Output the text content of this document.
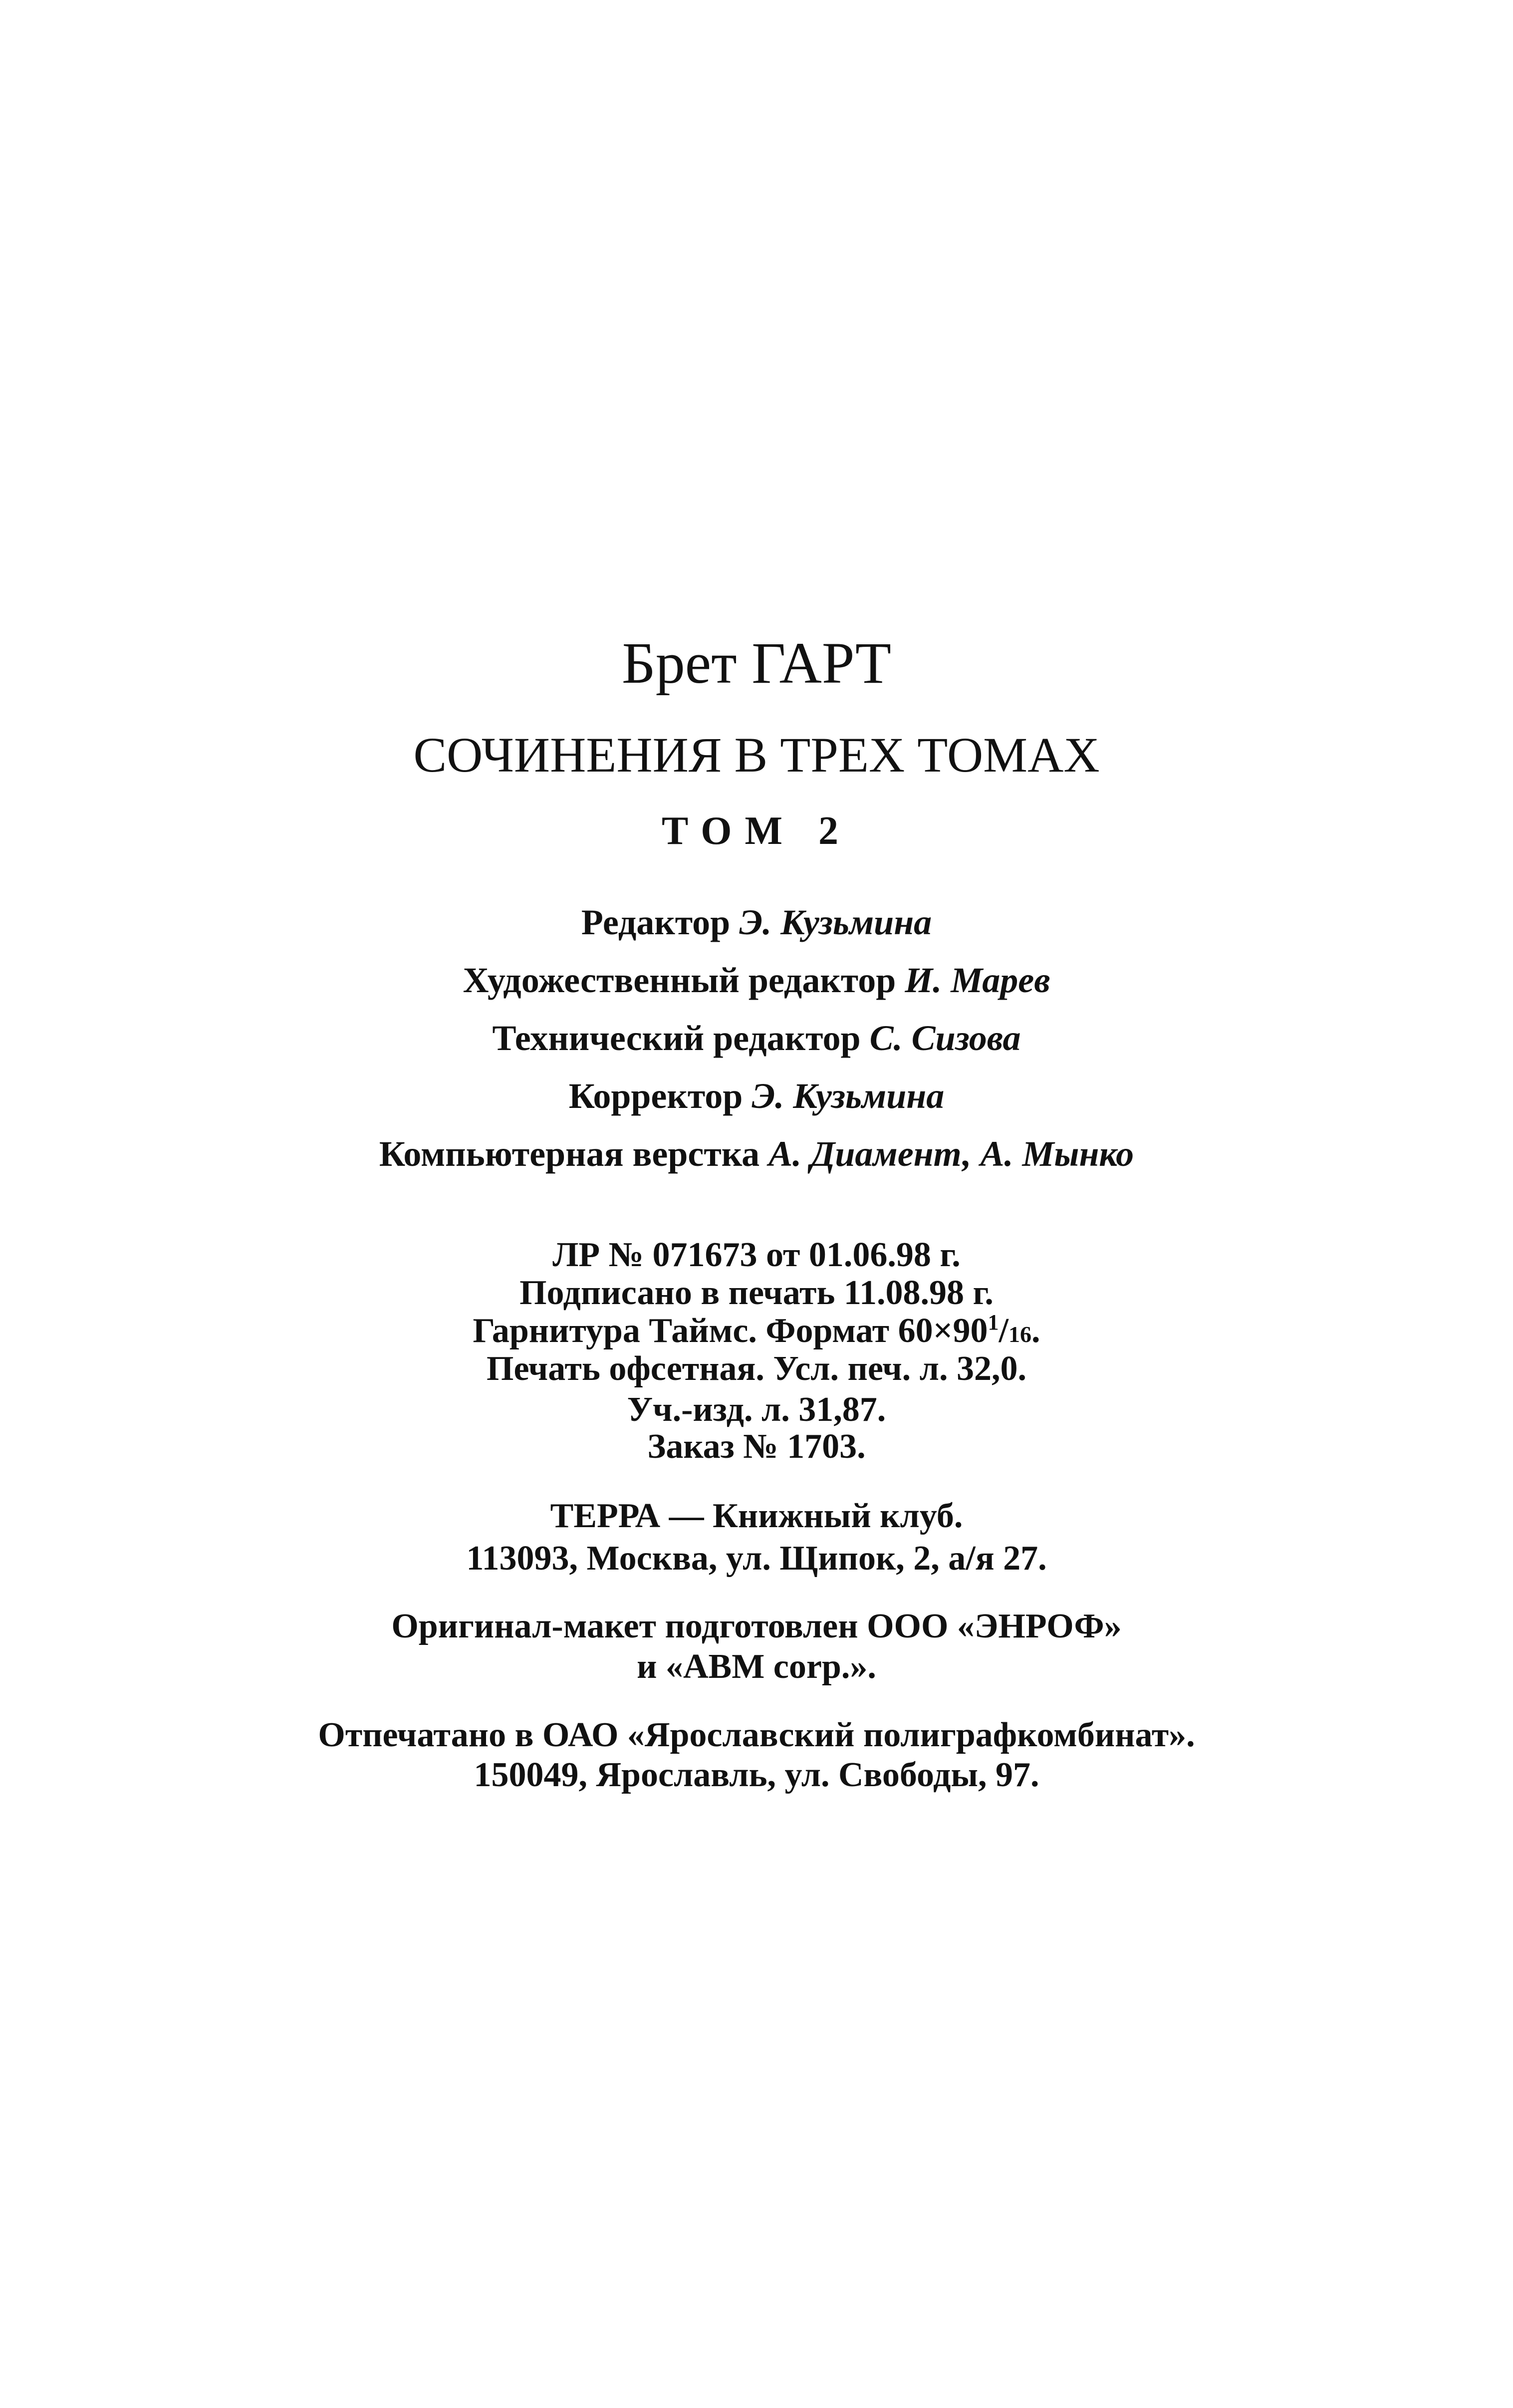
Брет ГАРТ
СОЧИНЕНИЯ В ТРЕХ ТОМАХ
ТОМ 2
Редактор Э. Кузьмина
Художественный редактор И. Марев
Технический редактор С. Сизова
Корректор Э. Кузьмина
Компьютерная верстка А. Диамент, А. Мынко
ЛР № 071673 от 01.06.98 г.
Подписано в печать 11.08.98 г.
Гарнитура Таймс. Формат $60\times 90^1/16$.
Печать офсетная. Усл. печ. л. 32,0.
Уч.-изд. л. 31,87.
Заказ № 1703.
ТЕРРА — Книжный клуб.
113093, Москва, ул. Щипок, 2, а/я 27.
Оригинал-макет подготовлен ООО «ЭНРОФ»
и «АВМ corp.».
Отпечатано в ОАО «Ярославский полиграфкомбинат».
150049, Ярославль, ул. Свободы, 97.
